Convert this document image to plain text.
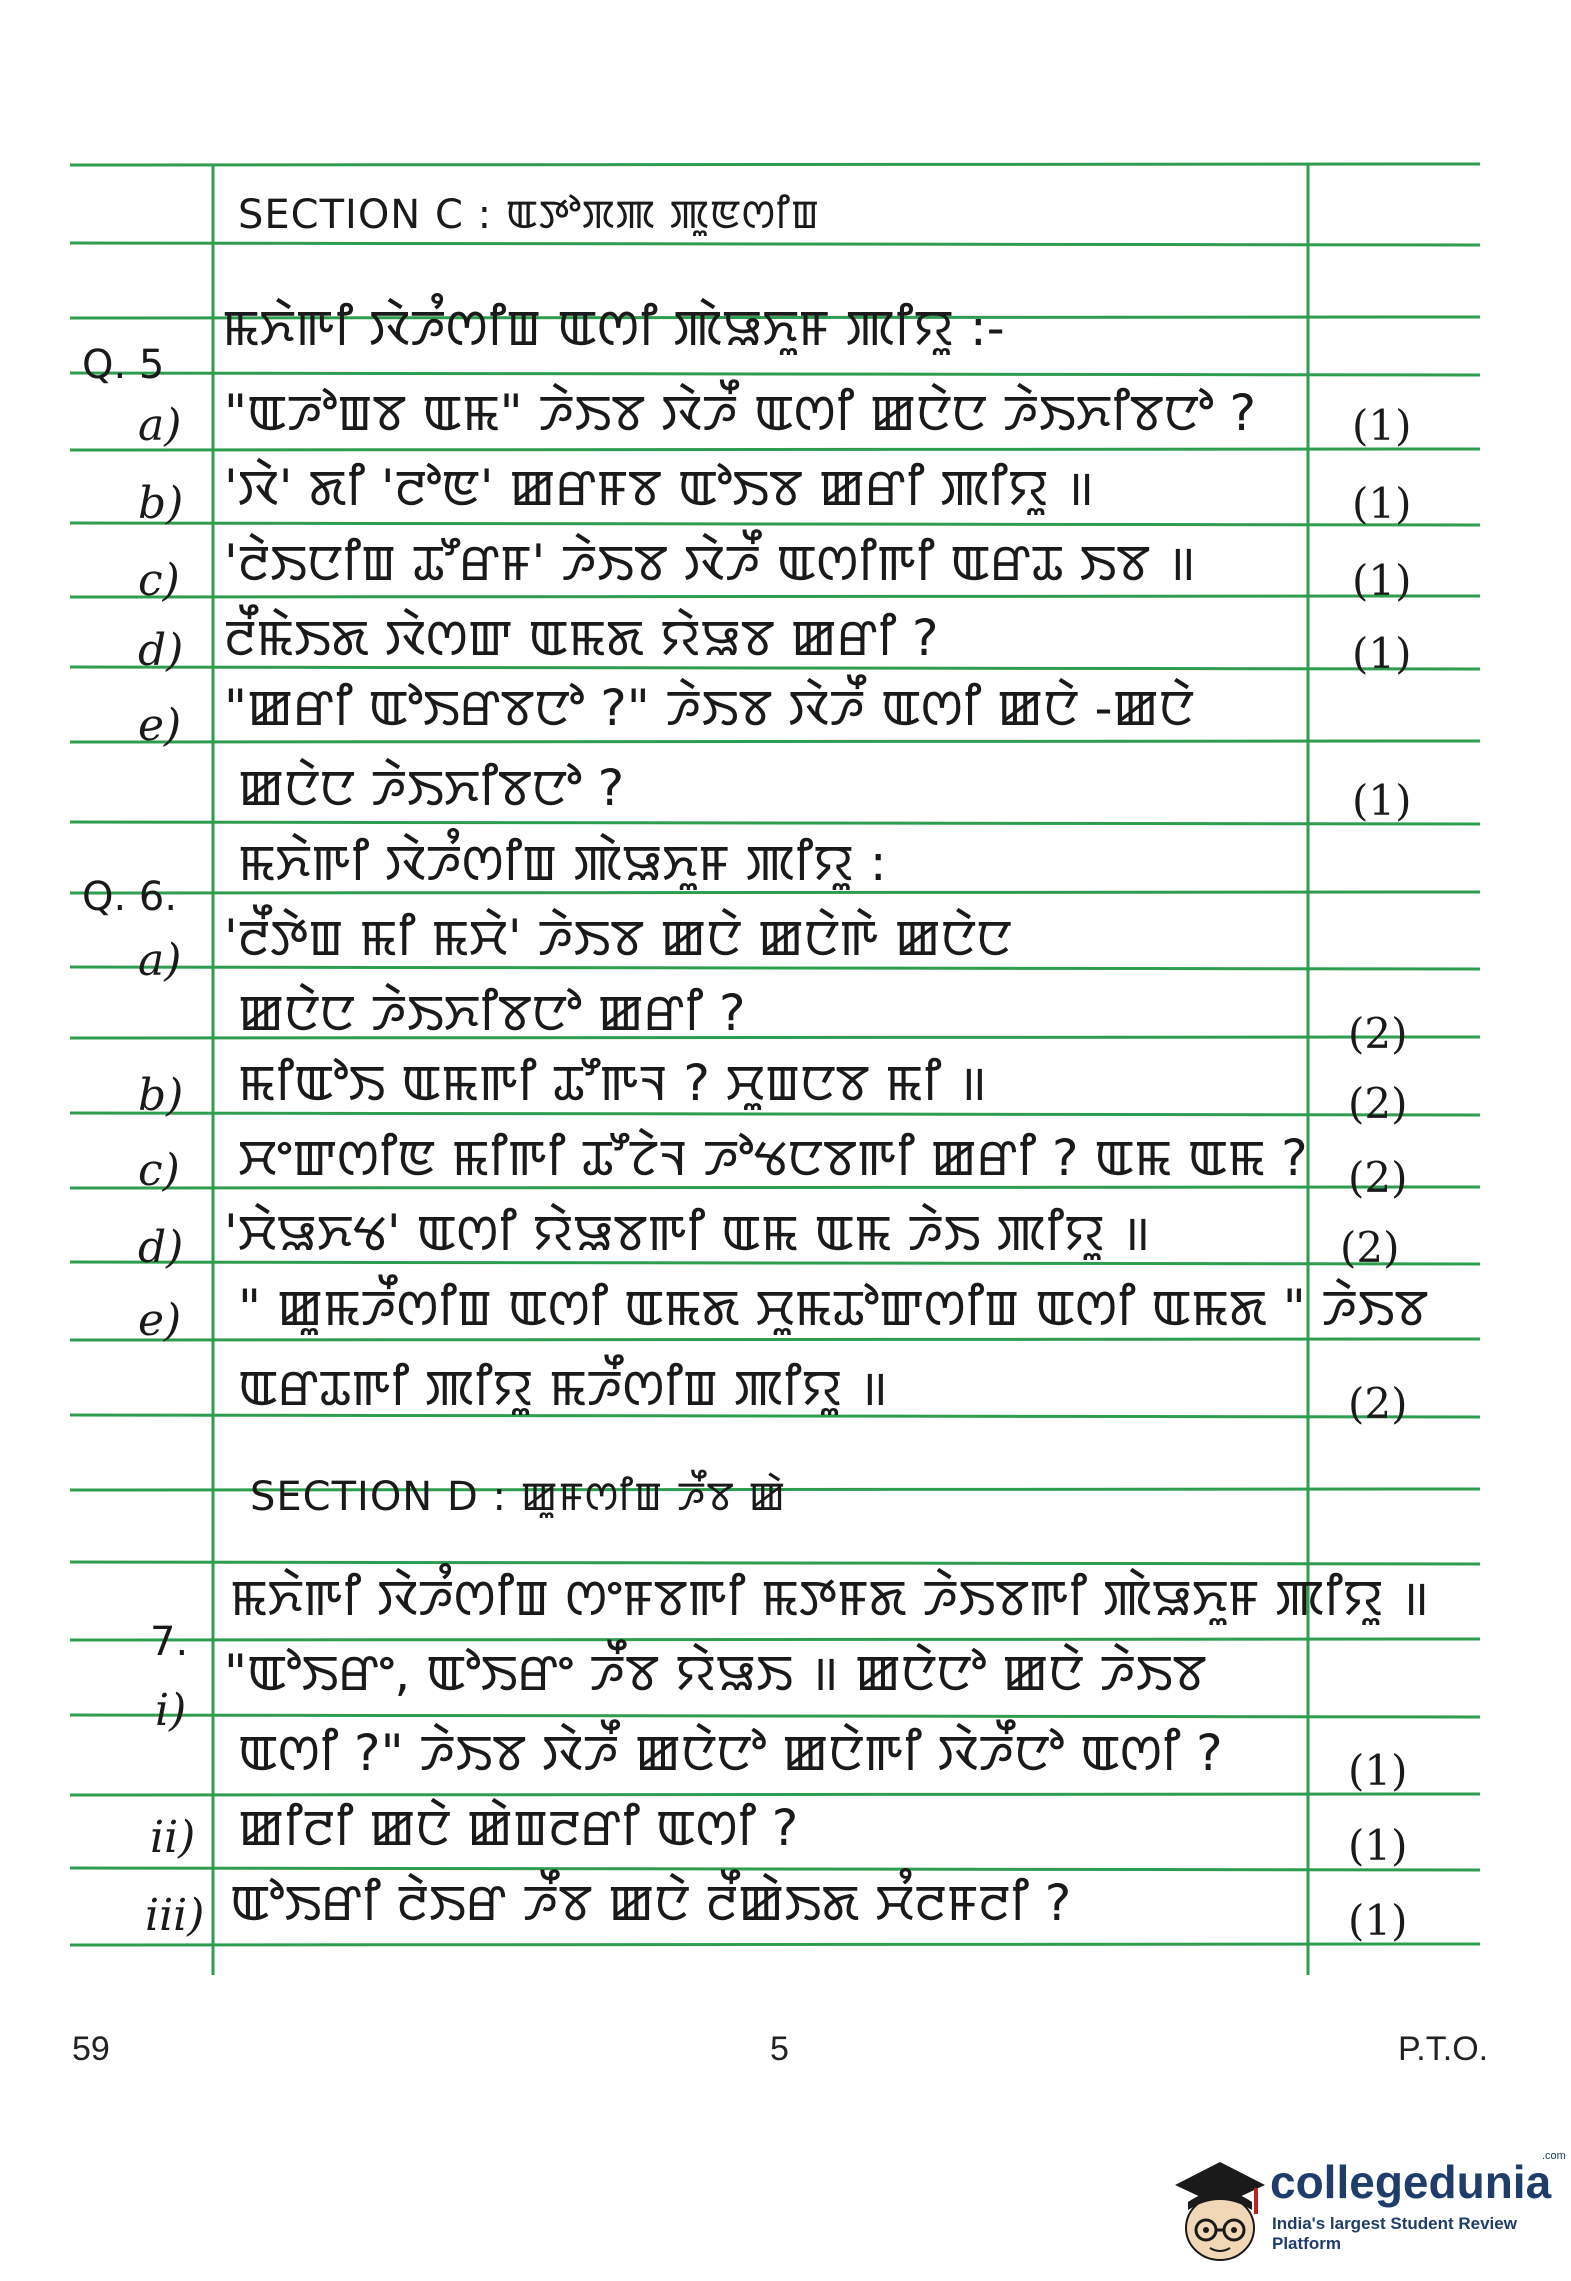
SECTION C : ꯑꯇꯣꯞꯄ ꯄꯨꯟꯁꯤꯡ
Q. 5
ꯃꯈꯥꯒꯤ ꯋꯥꯍꯪꯁꯤꯡ ꯑꯁꯤ ꯄꯥꯎꯈꯨꯝ ꯄꯤꯌꯨ :-
a) "ꯑꯍꯣꯡꯕ ꯑꯃ" ꯍꯥꯏꯕ ꯋꯥꯍꯩ ꯑꯁꯤ ꯀꯅꯥꯅ ꯍꯥꯏꯈꯤꯕꯅꯣ ? (1)
b) 'ꯋꯥ' ꯗꯤ 'ꯂꯣꯟ' ꯀꯔꯝꯕ ꯑꯣꯏꯕ ꯀꯔꯤ ꯄꯤꯌꯨ ॥	(1)
c) 'ꯂꯥꯏꯅꯤꯡ ꯊꯧꯔꯝ' ꯍꯥꯏꯕ ꯋꯥꯍꯩ ꯑꯁꯤꯒꯤ ꯑꯔꯊ ꯏꯕ ॥	(1)
d) ꯂꯩꯃꯥꯏꯗ ꯋꯥꯁꯛ ꯑꯃꯗ ꯌꯥꯎꯕ ꯀꯔꯤ ?	(1)
e) "ꯀꯔꯤ ꯑꯣꯏꯔꯕꯅꯣ ?" ꯍꯥꯏꯕ ꯋꯥꯍꯩ ꯑꯁꯤ ꯀꯅꯥ -ꯀꯅꯥ
ꯀꯅꯥꯅ ꯍꯥꯏꯈꯤꯕꯅꯣ ?	(1)
Q. 6.
ꯃꯈꯥꯒꯤ ꯋꯥꯍꯪꯁꯤꯡ ꯄꯥꯎꯈꯨꯝ ꯄꯤꯌꯨ :
a) 'ꯂꯩꯇꯥꯡ ꯃꯤ ꯃꯆꯥ' ꯍꯥꯏꯕ ꯀꯅꯥ ꯀꯅꯥꯒꯥ ꯀꯅꯥꯅ
ꯀꯅꯥꯅ ꯍꯥꯏꯈꯤꯕꯅꯣ ꯀꯔꯤ ?	(2)
b) ꯃꯤꯑꯣꯏ ꯑꯃꯒꯤ ꯊꯧꯒꯜ ? ꯆꯨꯡꯅꯕ ꯃꯤ ॥	(2)
c) ꯆꯦꯛꯁꯤꯟ ꯃꯤꯒꯤ ꯊꯧꯖꯥꯜ ꯍꯣꯠꯅꯕꯒꯤ ꯀꯔꯤ ? ꯑꯃ ꯑꯃ ? (2)
d) 'ꯆꯥꯎꯈꯠ' ꯑꯁꯤ ꯌꯥꯎꯕꯒꯤ ꯑꯃ ꯑꯃ ꯍꯥꯏ ꯄꯤꯌꯨ ॥	(2)
e) " ꯀꯨꯃꯍꯩꯁꯤꯡ ꯑꯁꯤ ꯑꯃꯗ ꯆꯨꯃꯊꯣꯛꯁꯤꯡ ꯑꯁꯤ ꯑꯃꯗ " ꯍꯥꯏꯕ
ꯑꯔꯊꯒꯤ ꯄꯤꯌꯨ ꯃꯍꯩꯁꯤꯡ ꯄꯤꯌꯨ ॥	(2)
SECTION D : ꯀꯨꯝꯁꯤꯡ ꯍꯩꯕ ꯀꯥ
7.
ꯃꯈꯥꯒꯤ ꯋꯥꯍꯪꯁꯤꯡ ꯁꯦꯝꯕꯒꯤ ꯃꯇꯝꯗ ꯍꯥꯏꯕꯒꯤ ꯄꯥꯎꯈꯨꯝ ꯄꯤꯌꯨ ॥
i)
"ꯑꯣꯏꯔꯦ, ꯑꯣꯏꯔꯦ ꯍꯩꯕ ꯌꯥꯎꯏ ॥ ꯀꯅꯥꯅꯣ ꯀꯅꯥ ꯍꯥꯏꯕ
ꯑꯁꯤ ?" ꯍꯥꯏꯕ ꯋꯥꯍꯩ ꯀꯅꯥꯅꯣ ꯀꯅꯥꯒꯤ ꯋꯥꯍꯩꯅꯣ ꯑꯁꯤ ?	(1)
ii) ꯀꯤꯂꯤ ꯀꯅꯥ ꯀꯥꯡꯂꯔꯤ ꯑꯁꯤ ?	(1)
iii) ꯑꯣꯏꯔꯤ ꯂꯥꯏꯔ ꯍꯩꯕ ꯀꯅꯥ ꯂꯩꯀꯥꯏꯗ ꯆꯪꯂꯝꯂꯤ ?	(1)
59	5	P.T.O.
collegedunia
.com
India's largest Student Review Platform
